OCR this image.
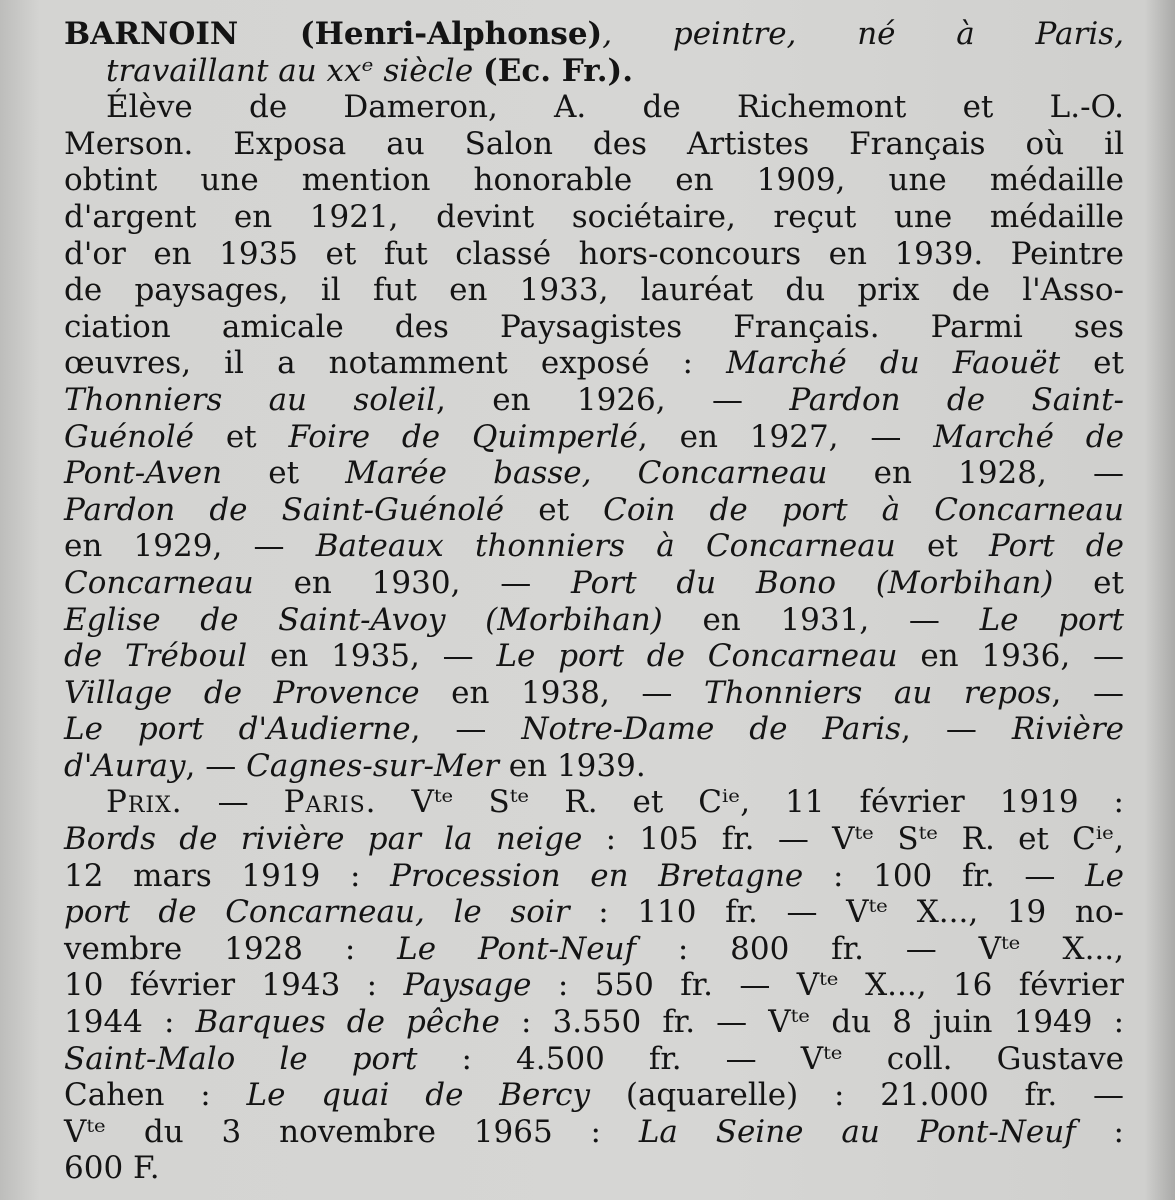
BARNOIN (Henri-Alphonse), peintre, né à Paris,
travaillant au xxᵉ siècle (Ec. Fr.).
Élève de Dameron, A. de Richemont et L.-O.
Merson. Exposa au Salon des Artistes Français où il
obtint une mention honorable en 1909, une médaille
d'argent en 1921, devint sociétaire, reçut une médaille
d'or en 1935 et fut classé hors-concours en 1939. Peintre
de paysages, il fut en 1933, lauréat du prix de l'Asso-
ciation amicale des Paysagistes Français. Parmi ses
œuvres, il a notamment exposé : Marché du Faouët et
Thonniers au soleil, en 1926, — Pardon de Saint-
Guénolé et Foire de Quimperlé, en 1927, — Marché de
Pont-Aven et Marée basse, Concarneau en 1928, —
Pardon de Saint-Guénolé et Coin de port à Concarneau
en 1929, — Bateaux thonniers à Concarneau et Port de
Concarneau en 1930, — Port du Bono (Morbihan) et
Eglise de Saint-Avoy (Morbihan) en 1931, — Le port
de Tréboul en 1935, — Le port de Concarneau en 1936, —
Village de Provence en 1938, — Thonniers au repos, —
Le port d'Audierne, — Notre-Dame de Paris, — Rivière
d'Auray, — Cagnes-sur-Mer en 1939.
Prix. — Paris. Vᵗᵉ Sᵗᵉ R. et Cⁱᵉ, 11 février 1919 :
Bords de rivière par la neige : 105 fr. — Vᵗᵉ Sᵗᵉ R. et Cⁱᵉ,
12 mars 1919 : Procession en Bretagne : 100 fr. — Le
port de Concarneau, le soir : 110 fr. — Vᵗᵉ X..., 19 no-
vembre 1928 : Le Pont-Neuf : 800 fr. — Vᵗᵉ X...,
10 février 1943 : Paysage : 550 fr. — Vᵗᵉ X..., 16 février
1944 : Barques de pêche : 3.550 fr. — Vᵗᵉ du 8 juin 1949 :
Saint-Malo le port : 4.500 fr. — Vᵗᵉ coll. Gustave
Cahen : Le quai de Bercy (aquarelle) : 21.000 fr. —
Vᵗᵉ du 3 novembre 1965 : La Seine au Pont-Neuf :
600 F.
